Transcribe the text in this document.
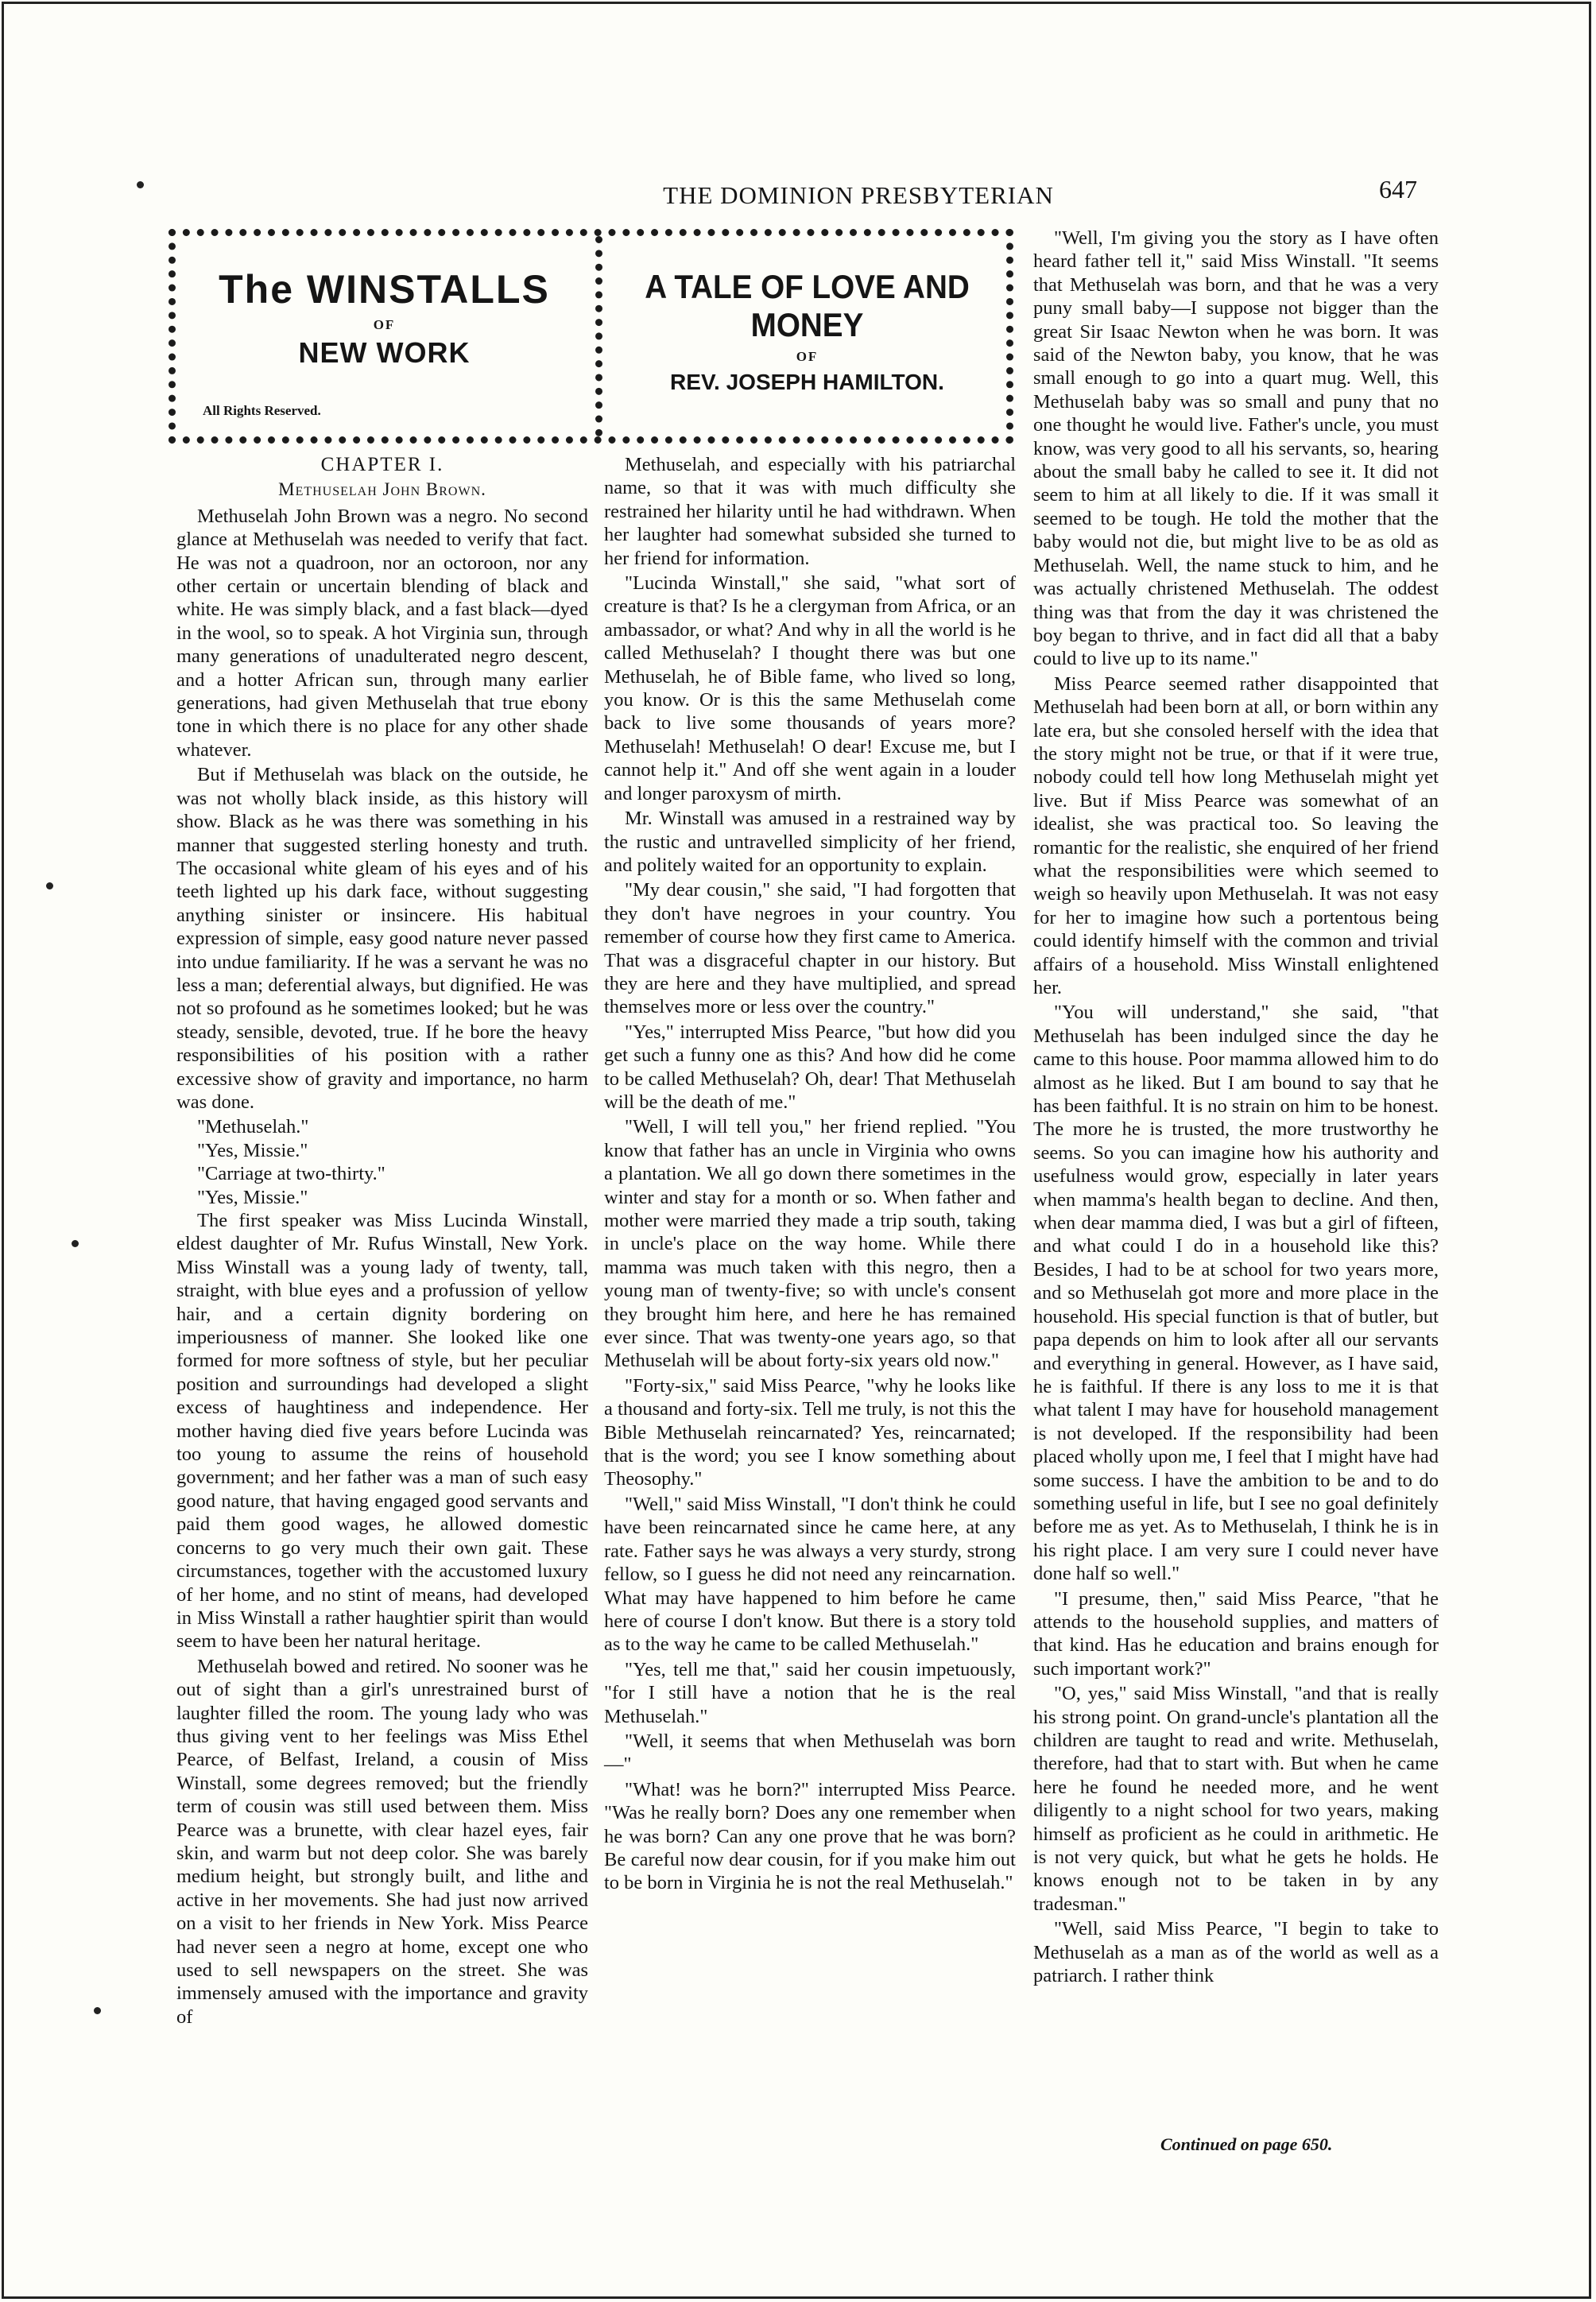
THE DOMINION PRESBYTERIAN	647
The WINSTALLS
OF
NEW WORK
All Rights Reserved.
A TALE OF LOVE AND MONEY
OF
REV. JOSEPH HAMILTON.
CHAPTER I.
Methuselah John Brown.

Methuselah John Brown was a negro. No second glance at Methuselah was needed to verify that fact. He was not a quadroon, nor an octoroon, nor any other certain or uncertain blending of black and white. He was simply black, and a fast black—dyed in the wool, so to speak. A hot Virginia sun, through many generations of unadulterated negro descent, and a hotter African sun, through many earlier generations, had given Methuselah that true ebony tone in which there is no place for any other shade whatever.

But if Methuselah was black on the outside, he was not wholly black inside, as this history will show. Black as he was there was something in his manner that suggested sterling honesty and truth. The occasional white gleam of his eyes and of his teeth lighted up his dark face, without suggesting anything sinister or insincere. His habitual expression of simple, easy good nature never passed into undue familiarity. If he was a servant he was no less a man; deferential always, but dignified. He was not so profound as he sometimes looked; but he was steady, sensible, devoted, true. If he bore the heavy responsibilities of his position with a rather excessive show of gravity and importance, no harm was done.

"Methuselah."

"Yes, Missie."

"Carriage at two-thirty."

"Yes, Missie."

The first speaker was Miss Lucinda Winstall, eldest daughter of Mr. Rufus Winstall, New York. Miss Winstall was a young lady of twenty, tall, straight, with blue eyes and a profussion of yellow hair, and a certain dignity bordering on imperiousness of manner. She looked like one formed for more softness of style, but her peculiar position and surroundings had developed a slight excess of haughtiness and independence. Her mother having died five years before Lucinda was too young to assume the reins of household government; and her father was a man of such easy good nature, that having engaged good servants and paid them good wages, he allowed domestic concerns to go very much their own gait. These circumstances, together with the accustomed luxury of her home, and no stint of means, had developed in Miss Winstall a rather haughtier spirit than would seem to have been her natural heritage.

Methuselah bowed and retired. No sooner was he out of sight than a girl's unrestrained burst of laughter filled the room. The young lady who was thus giving vent to her feelings was Miss Ethel Pearce, of Belfast, Ireland, a cousin of Miss Winstall, some degrees removed; but the friendly term of cousin was still used between them. Miss Pearce was a brunette, with clear hazel eyes, fair skin, and warm but not deep color. She was barely medium height, but strongly built, and lithe and active in her movements. She had just now arrived on a visit to her friends in New York. Miss Pearce had never seen a negro at home, except one who used to sell newspapers on the street. She was immensely amused with the importance and gravity of

Methuselah, and especially with his patriarchal name, so that it was with much difficulty she restrained her hilarity until he had withdrawn. When her laughter had somewhat subsided she turned to her friend for information.

"Lucinda Winstall," she said, "what sort of creature is that? Is he a clergyman from Africa, or an ambassador, or what? And why in all the world is he called Methuselah? I thought there was but one Methuselah, he of Bible fame, who lived so long, you know. Or is this the same Methuselah come back to live some thousands of years more? Methuselah! Methuselah! O dear! Excuse me, but I cannot help it." And off she went again in a louder and longer paroxysm of mirth.

Mr. Winstall was amused in a restrained way by the rustic and untravelled simplicity of her friend, and politely waited for an opportunity to explain.

"My dear cousin," she said, "I had forgotten that they don't have negroes in your country. You remember of course how they first came to America. That was a disgraceful chapter in our history. But they are here and they have multiplied, and spread themselves more or less over the country."

"Yes," interrupted Miss Pearce, "but how did you get such a funny one as this? And how did he come to be called Methuselah? Oh, dear! That Methuselah will be the death of me."

"Well, I will tell you," her friend replied. "You know that father has an uncle in Virginia who owns a plantation. We all go down there sometimes in the winter and stay for a month or so. When father and mother were married they made a trip south, taking in uncle's place on the way home. While there mamma was much taken with this negro, then a young man of twenty-five; so with uncle's consent they brought him here, and here he has remained ever since. That was twenty-one years ago, so that Methuselah will be about forty-six years old now."

"Forty-six," said Miss Pearce, "why he looks like a thousand and forty-six. Tell me truly, is not this the Bible Methuselah reincarnated? Yes, reincarnated; that is the word; you see I know something about Theosophy."

"Well," said Miss Winstall, "I don't think he could have been reincarnated since he came here, at any rate. Father says he was always a very sturdy, strong fellow, so I guess he did not need any reincarnation. What may have happened to him before he came here of course I don't know. But there is a story told as to the way he came to be called Methuselah."

"Yes, tell me that," said her cousin impetuously, "for I still have a notion that he is the real Methuselah."

"Well, it seems that when Methuselah was born—"

"What! was he born?" interrupted Miss Pearce. "Was he really born? Does any one remember when he was born? Can any one prove that he was born? Be careful now dear cousin, for if you make him out to be born in Virginia he is not the real Methuselah."

"Well, I'm giving you the story as I have often heard father tell it," said Miss Winstall. "It seems that Methuselah was born, and that he was a very puny small baby—I suppose not bigger than the great Sir Isaac Newton when he was born. It was said of the Newton baby, you know, that he was small enough to go into a quart mug. Well, this Methuselah baby was so small and puny that no one thought he would live. Father's uncle, you must know, was very good to all his servants, so, hearing about the small baby he called to see it. It did not seem to him at all likely to die. If it was small it seemed to be tough. He told the mother that the baby would not die, but might live to be as old as Methuselah. Well, the name stuck to him, and he was actually christened Methuselah. The oddest thing was that from the day it was christened the boy began to thrive, and in fact did all that a baby could to live up to its name."

Miss Pearce seemed rather disappointed that Methuselah had been born at all, or born within any late era, but she consoled herself with the idea that the story might not be true, or that if it were true, nobody could tell how long Methuselah might yet live. But if Miss Pearce was somewhat of an idealist, she was practical too. So leaving the romantic for the realistic, she enquired of her friend what the responsibilities were which seemed to weigh so heavily upon Methuselah. It was not easy for her to imagine how such a portentous being could identify himself with the common and trivial affairs of a household. Miss Winstall enlightened her.

"You will understand," she said, "that Methuselah has been indulged since the day he came to this house. Poor mamma allowed him to do almost as he liked. But I am bound to say that he has been faithful. It is no strain on him to be honest. The more he is trusted, the more trustworthy he seems. So you can imagine how his authority and usefulness would grow, especially in later years when mamma's health began to decline. And then, when dear mamma died, I was but a girl of fifteen, and what could I do in a household like this? Besides, I had to be at school for two years more, and so Methuselah got more and more place in the household. His special function is that of butler, but papa depends on him to look after all our servants and everything in general. However, as I have said, he is faithful. If there is any loss to me it is that what talent I may have for household management is not developed. If the responsibility had been placed wholly upon me, I feel that I might have had some success. I have the ambition to be and to do something useful in life, but I see no goal definitely before me as yet. As to Methuselah, I think he is in his right place. I am very sure I could never have done half so well."

"I presume, then," said Miss Pearce, "that he attends to the household supplies, and matters of that kind. Has he education and brains enough for such important work?"

"O, yes," said Miss Winstall, "and that is really his strong point. On grand-uncle's plantation all the children are taught to read and write. Methuselah, therefore, had that to start with. But when he came here he found he needed more, and he went diligently to a night school for two years, making himself as proficient as he could in arithmetic. He is not very quick, but what he gets he holds. He knows enough not to be taken in by any tradesman."

"Well, said Miss Pearce, "I begin to take to Methuselah as a man as of the world as well as a patriarch. I rather think

Continued on page 650.
